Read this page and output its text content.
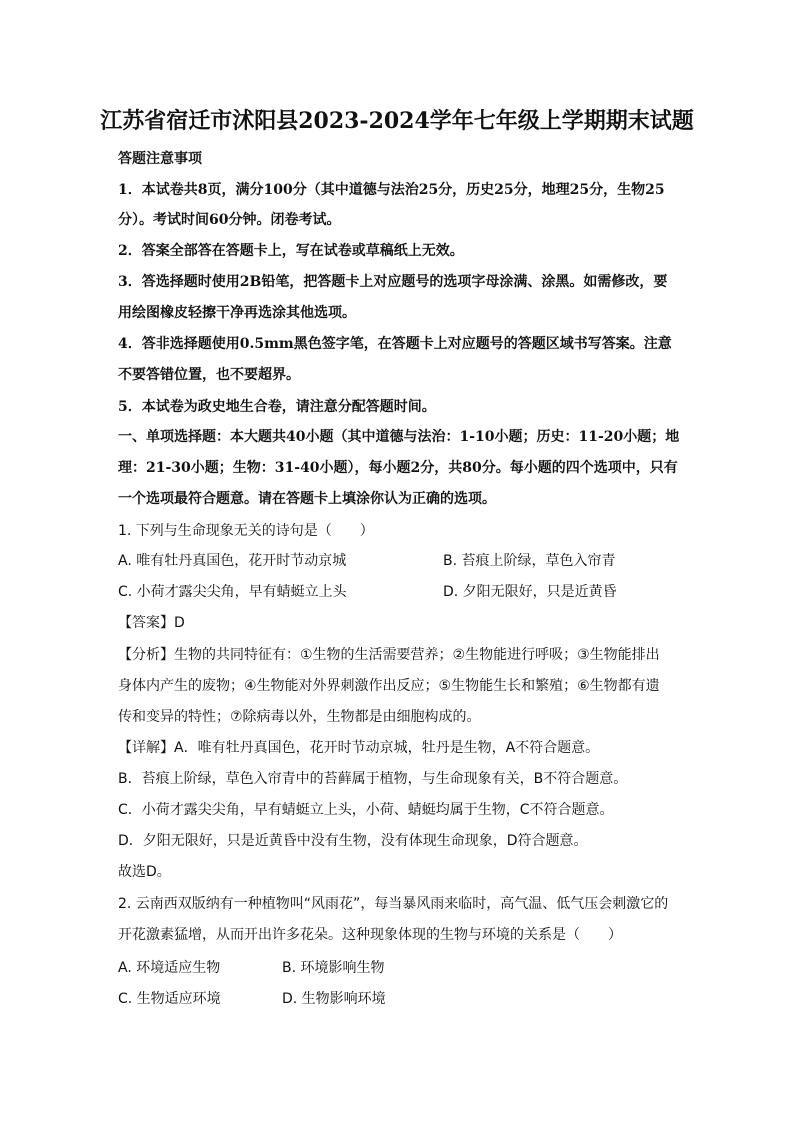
江苏省宿迁市沭阳县2023-2024学年七年级上学期期末试题
答题注意事项
1．本试卷共8页，满分100分（其中道德与法治25分，历史25分，地理25分，生物25
分）。考试时间60分钟。闭卷考试。
2．答案全部答在答题卡上，写在试卷或草稿纸上无效。
3．答选择题时使用2B铅笔，把答题卡上对应题号的选项字母涂满、涂黑。如需修改，要
用绘图橡皮轻擦干净再选涂其他选项。
4．答非选择题使用0.5mm黑色签字笔，在答题卡上对应题号的答题区域书写答案。注意
不要答错位置，也不要超界。
5．本试卷为政史地生合卷，请注意分配答题时间。
一、单项选择题：本大题共40小题（其中道德与法治：1-10小题；历史：11-20小题；地
理：21-30小题；生物：31-40小题），每小题2分，共80分。每小题的四个选项中，只有
一个选项最符合题意。请在答题卡上填涂你认为正确的选项。
1. 下列与生命现象无关的诗句是（　　）
A. 唯有牡丹真国色，花开时节动京城	B. 苔痕上阶绿，草色入帘青
C. 小荷才露尖尖角，早有蜻蜓立上头	D. 夕阳无限好，只是近黄昏
【答案】D
【分析】生物的共同特征有：①生物的生活需要营养；②生物能进行呼吸；③生物能排出
身体内产生的废物；④生物能对外界刺激作出反应；⑤生物能生长和繁殖；⑥生物都有遗
传和变异的特性；⑦除病毒以外，生物都是由细胞构成的。
【详解】A．唯有牡丹真国色，花开时节动京城，牡丹是生物，A不符合题意。
B．苔痕上阶绿，草色入帘青中的苔藓属于植物，与生命现象有关，B不符合题意。
C．小荷才露尖尖角，早有蜻蜓立上头，小荷、蜻蜓均属于生物，C不符合题意。
D．夕阳无限好，只是近黄昏中没有生物，没有体现生命现象，D符合题意。
故选D。
2. 云南西双版纳有一种植物叫“风雨花”，每当暴风雨来临时，高气温、低气压会刺激它的
开花激素猛增，从而开出许多花朵。这种现象体现的生物与环境的关系是（　　）
A. 环境适应生物	B. 环境影响生物
C. 生物适应环境	D. 生物影响环境
